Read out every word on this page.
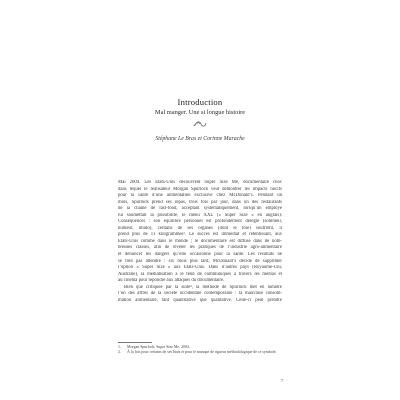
Introduction
Mal manger. Une si longue histoire
Stéphane Le Bras et Corinne Marache
Mai 2004. Les États-Unis découvrent Super Size Me, documentaire choc
dans lequel le réalisateur Morgan Spurlock veut démontrer les impacts nocifs
pour la santé d’une alimentation exclusive chez McDonald’s. Pendant un
mois, Spurlock prend ses repas, trois fois par jour, dans un des restaurants
de la chaîne de fast-food, acceptant systématiquement, lorsqu’un employé
lui soumettait la possibilité, le menu XXL (« Super Size » en anglais).
Conséquences : son équilibre personnel est profondément déréglé (sommeil,
humeur, libido), certains de ses organes (dont le foie) souffrent, il
prend plus de 11 kilogrammes¹. Le succès est immédiat et retentissant, aux
États-Unis comme dans le monde ; le documentaire est diffusé dans de nom-
breuses classes, afin de révéler les pratiques de l’industrie agro-alimentaire
et dénoncer les dangers qu’elle occasionne pour la santé. Les résultats ne
se font pas attendre : six mois plus tard, McDonald’s décide de supprimer
l’option « Super Size » aux États-Unis. Dans d’autres pays (Royaume-Uni,
Australie), la médiatisation a le tend de communiqués à travers les médias et
au cinéma pour répondre aux attaques du documentaire.
Bien que critiquée par la suite², la méthode de Spurlock met en lumière
l’un des affres de la société occidentale contemporaine : la mauvaise consom-
mation alimentaire, tant quantitative que qualitative. Celle-ci peut prendre
1.	Morgan Spurlock, Super Size Me, 2004.
2.	À la fois pour certains de ses biais et pour le manque de rigueur méthodologique de ce symbole.
7
